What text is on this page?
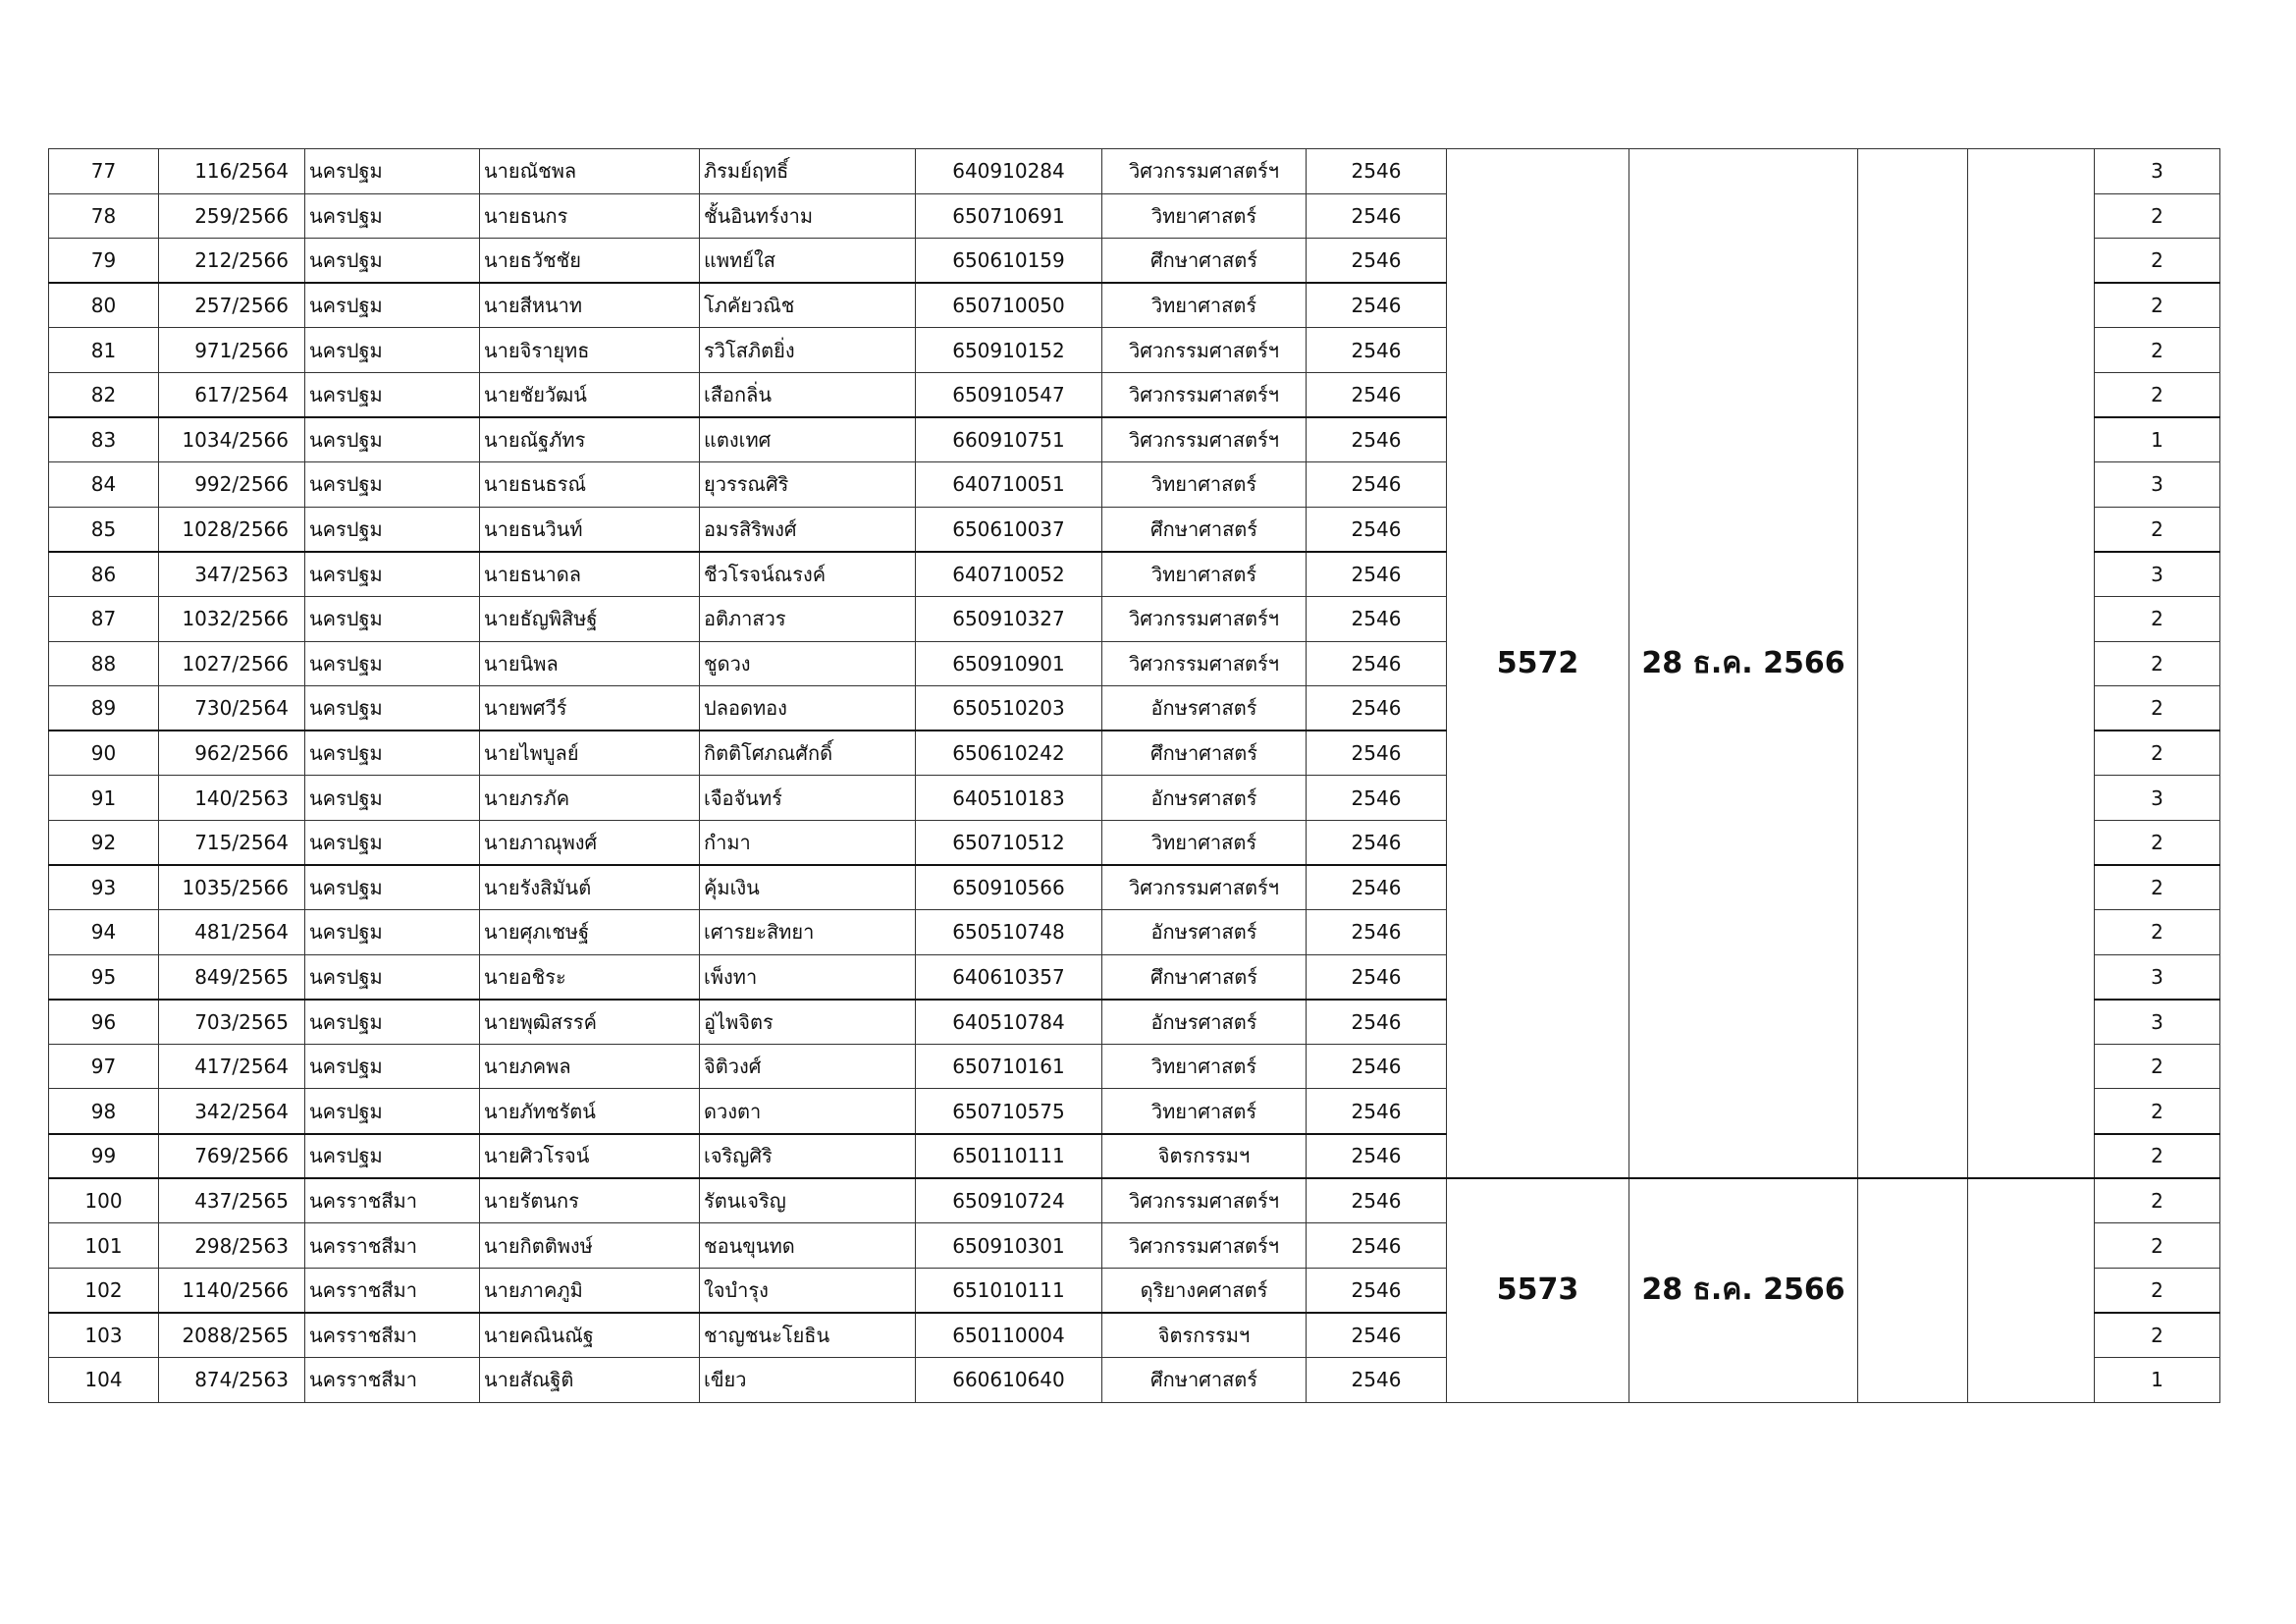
77	116/2564	นครปฐม	นายณัชพล	ภิรมย์ฤทธิ์	640910284	วิศวกรรมศาสตร์ฯ	2546	5572	28 ธ.ค. 2566			3
78	259/2566	นครปฐม	นายธนกร	ชั้นอินทร์งาม	650710691	วิทยาศาสตร์	2546					2
79	212/2566	นครปฐม	นายธวัชชัย	แพทย์ใส	650610159	ศึกษาศาสตร์	2546					2
80	257/2566	นครปฐม	นายสีหนาท	โภคัยวณิช	650710050	วิทยาศาสตร์	2546					2
81	971/2566	นครปฐม	นายจิรายุทธ	รวิโสภิตยิ่ง	650910152	วิศวกรรมศาสตร์ฯ	2546					2
82	617/2564	นครปฐม	นายชัยวัฒน์	เสือกลิ่น	650910547	วิศวกรรมศาสตร์ฯ	2546					2
83	1034/2566	นครปฐม	นายณัฐภัทร	แตงเทศ	660910751	วิศวกรรมศาสตร์ฯ	2546					1
84	992/2566	นครปฐม	นายธนธรณ์	ยุวรรณศิริ	640710051	วิทยาศาสตร์	2546					3
85	1028/2566	นครปฐม	นายธนวินท์	อมรสิริพงศ์	650610037	ศึกษาศาสตร์	2546					2
86	347/2563	นครปฐม	นายธนาดล	ชีวโรจน์ณรงค์	640710052	วิทยาศาสตร์	2546					3
87	1032/2566	นครปฐม	นายธัญพิสิษฐ์	อติภาสวร	650910327	วิศวกรรมศาสตร์ฯ	2546					2
88	1027/2566	นครปฐม	นายนิพล	ชูดวง	650910901	วิศวกรรมศาสตร์ฯ	2546					2
89	730/2564	นครปฐม	นายพศวีร์	ปลอดทอง	650510203	อักษรศาสตร์	2546					2
90	962/2566	นครปฐม	นายไพบูลย์	กิตติโศภณศักดิ์	650610242	ศึกษาศาสตร์	2546					2
91	140/2563	นครปฐม	นายภรภัค	เจือจันทร์	640510183	อักษรศาสตร์	2546					3
92	715/2564	นครปฐม	นายภาณุพงศ์	กำมา	650710512	วิทยาศาสตร์	2546					2
93	1035/2566	นครปฐม	นายรังสิมันต์	คุ้มเงิน	650910566	วิศวกรรมศาสตร์ฯ	2546					2
94	481/2564	นครปฐม	นายศุภเชษฐ์	เศารยะสิทยา	650510748	อักษรศาสตร์	2546					2
95	849/2565	นครปฐม	นายอชิระ	เพ็งทา	640610357	ศึกษาศาสตร์	2546					3
96	703/2565	นครปฐม	นายพุฒิสรรค์	อู่ไพจิตร	640510784	อักษรศาสตร์	2546					3
97	417/2564	นครปฐม	นายภคพล	จิติวงศ์	650710161	วิทยาศาสตร์	2546					2
98	342/2564	นครปฐม	นายภัทชรัตน์	ดวงตา	650710575	วิทยาศาสตร์	2546					2
99	769/2566	นครปฐม	นายศิวโรจน์	เจริญศิริ	650110111	จิตรกรรมฯ	2546					2
100	437/2565	นครราชสีมา	นายรัตนกร	รัตนเจริญ	650910724	วิศวกรรมศาสตร์ฯ	2546	5573	28 ธ.ค. 2566			2
101	298/2563	นครราชสีมา	นายกิตติพงษ์	ชอนขุนทด	650910301	วิศวกรรมศาสตร์ฯ	2546					2
102	1140/2566	นครราชสีมา	นายภาคภูมิ	ใจบำรุง	651010111	ดุริยางคศาสตร์	2546					2
103	2088/2565	นครราชสีมา	นายคณินณัฐ	ชาญชนะโยธิน	650110004	จิตรกรรมฯ	2546					2
104	874/2563	นครราชสีมา	นายสัณฐิติ	เขียว	660610640	ศึกษาศาสตร์	2546					1
